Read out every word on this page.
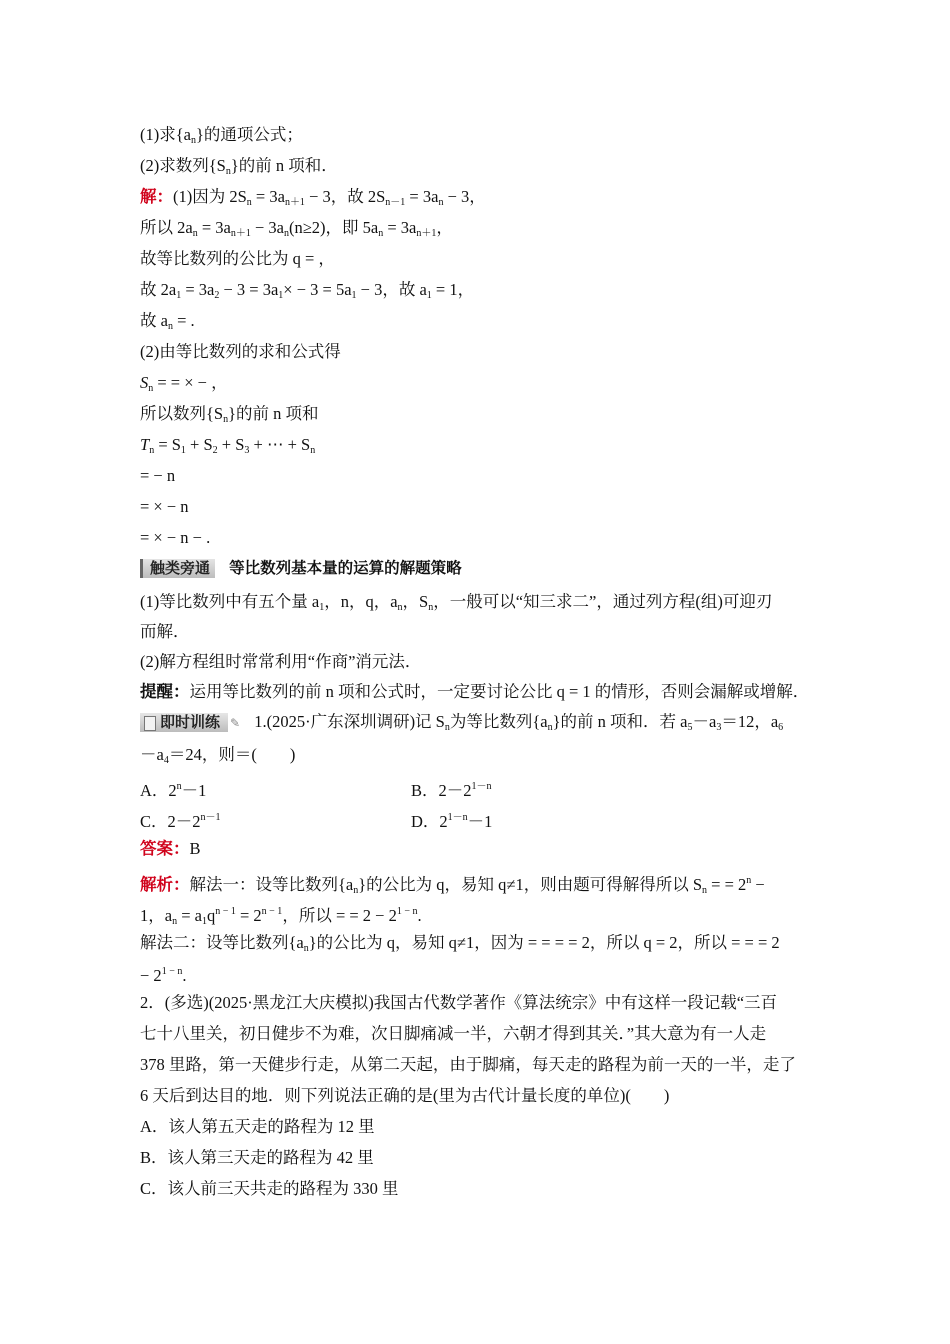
(1)求$\{a_n\}$的通项公式；
(2)求数列$\{S_n\}$的前 n 项和．
解：(1)因为 $2S_n = 3a_{n+1} - 3$，故 $2S_{n-1} = 3a_n - 3$，
所以 $2a_n = 3a_{n+1} - 3a_n(n\ge 2)$，即 $5a_n = 3a_{n+1}$，
故等比数列的公比为 q = ，
故 $2a_1 = 3a_2 - 3 = 3a_1\times - 3 = 5a_1 - 3$，故 $a_1 = 1$，
故 $a_n$ = .
(2)由等比数列的求和公式得
$S_n$ = = × − ，
所以数列$\{S_n\}$的前 n 项和
$T_n = S_1 + S_2 + S_3$ + ⋯ + $S_n$
= − n
= × − n
= × − n − .
触类旁通 等比数列基本量的运算的解题策略
(1)等比数列中有五个量 $a_1$，n，q，$a_n$，$S_n$，一般可以“知三求二”，通过列方程(组)可迎刃
而解．
(2)解方程组时常常利用“作商”消元法．
提醒：运用等比数列的前 n 项和公式时，一定要讨论公比 q = 1 的情形，否则会漏解或增解．
即时训练 ✎ 1.(2025·广东深圳调研)记 $S_n$为等比数列$\{a_n\}$的前 n 项和．若 $a_5-a_3=12$，$a_6$
$-a_4=24$，则＝(　　)
A．$2^n-1$	B．$2-2^{1-n}$
C．$2-2^{n-1}$	D．$2^{1-n}-1$
答案：B
解析：解法一：设等比数列$\{a_n\}$的公比为 q，易知 q≠1，则由题可得解得所以 $S_n$ = = $2^n$ −
1，$a_n = a_1q^{n - 1} = 2^{n - 1}$，所以 = = $2 - 2^{1 - n}$.
解法二：设等比数列$\{a_n\}$的公比为 q，易知 q≠1，因为 = = = = 2，所以 q = 2，所以 = = = 2
− $2^{1 - n}$.
2．(多选)(2025·黑龙江大庆模拟)我国古代数学著作《算法统宗》中有这样一段记载“三百
七十八里关，初日健步不为难，次日脚痛减一半，六朝才得到其关．”其大意为有一人走
378 里路，第一天健步行走，从第二天起，由于脚痛，每天走的路程为前一天的一半，走了
6 天后到达目的地．则下列说法正确的是(里为古代计量长度的单位)(　　)
A．该人第五天走的路程为 12 里
B．该人第三天走的路程为 42 里
C．该人前三天共走的路程为 330 里
